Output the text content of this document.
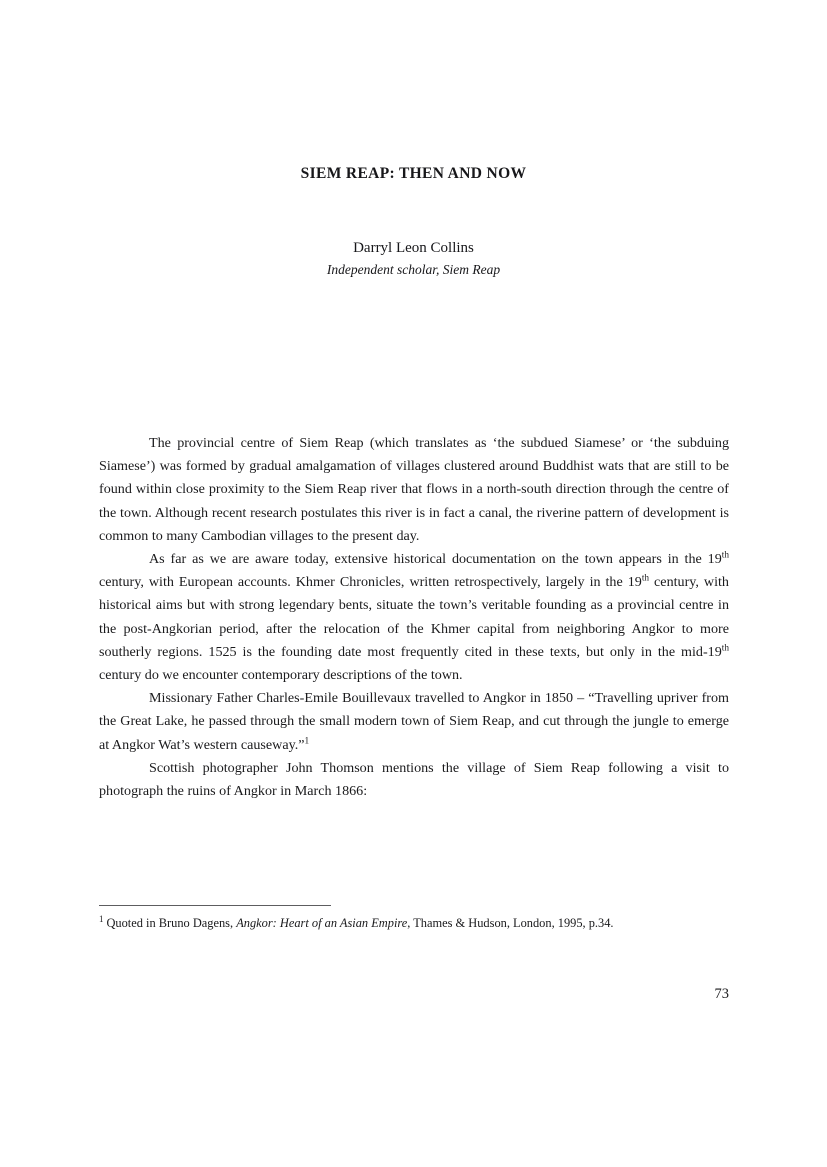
SIEM REAP: THEN AND NOW
Darryl Leon Collins
Independent scholar, Siem Reap

The provincial centre of Siem Reap (which translates as ‘the subdued Siamese’ or ‘the subduing Siamese’) was formed by gradual amalgamation of villages clustered around Buddhist wats that are still to be found within close proximity to the Siem Reap river that flows in a north-south direction through the centre of the town. Although recent research postulates this river is in fact a canal, the riverine pattern of development is common to many Cambodian villages to the present day.

As far as we are aware today, extensive historical documentation on the town appears in the 19th century, with European accounts. Khmer Chronicles, written retrospectively, largely in the 19th century, with historical aims but with strong legendary bents, situate the town’s veritable founding as a provincial centre in the post-Angkorian period, after the relocation of the Khmer capital from neighboring Angkor to more southerly regions. 1525 is the founding date most frequently cited in these texts, but only in the mid-19th century do we encounter contemporary descriptions of the town.

Missionary Father Charles-Emile Bouillevaux travelled to Angkor in 1850 – “Travelling upriver from the Great Lake, he passed through the small modern town of Siem Reap, and cut through the jungle to emerge at Angkor Wat’s western causeway.”$^1$

Scottish photographer John Thomson mentions the village of Siem Reap following a visit to photograph the ruins of Angkor in March 1866:

$^1$ Quoted in Bruno Dagens, Angkor: Heart of an Asian Empire, Thames & Hudson, London, 1995, p.34.

73
